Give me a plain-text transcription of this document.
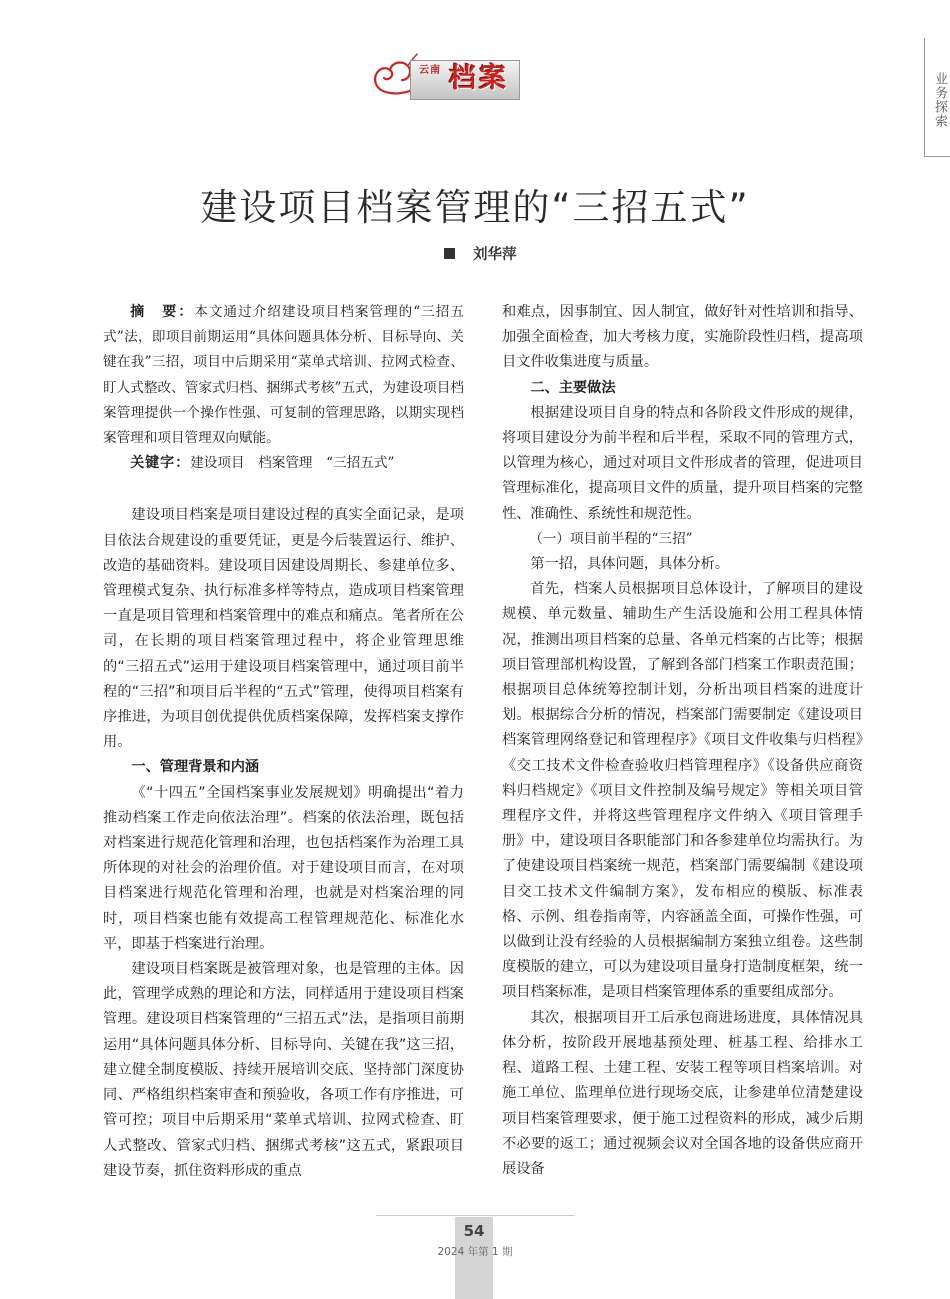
云南 档案	业务探索
建设项目档案管理的“三招五式”
刘华萍

摘　要：本文通过介绍建设项目档案管理的“三招五式”法，即项目前期运用“具体问题具体分析、目标导向、关键在我”三招，项目中后期采用“菜单式培训、拉网式检查、盯人式整改、管家式归档、捆绑式考核”五式，为建设项目档案管理提供一个操作性强、可复制的管理思路，以期实现档案管理和项目管理双向赋能。

关键字：建设项目　档案管理　“三招五式”

建设项目档案是项目建设过程的真实全面记录，是项目依法合规建设的重要凭证，更是今后装置运行、维护、改造的基础资料。建设项目因建设周期长、参建单位多、管理模式复杂、执行标准多样等特点，造成项目档案管理一直是项目管理和档案管理中的难点和痛点。笔者所在公司，在长期的项目档案管理过程中，将企业管理思维的“三招五式”运用于建设项目档案管理中，通过项目前半程的“三招”和项目后半程的“五式”管理，使得项目档案有序推进，为项目创优提供优质档案保障，发挥档案支撑作用。

一、管理背景和内涵

《“十四五”全国档案事业发展规划》明确提出“着力推动档案工作走向依法治理”。档案的依法治理，既包括对档案进行规范化管理和治理，也包括档案作为治理工具所体现的对社会的治理价值。对于建设项目而言，在对项目档案进行规范化管理和治理，也就是对档案治理的同时，项目档案也能有效提高工程管理规范化、标准化水平，即基于档案进行治理。

建设项目档案既是被管理对象，也是管理的主体。因此，管理学成熟的理论和方法，同样适用于建设项目档案管理。建设项目档案管理的“三招五式”法，是指项目前期运用“具体问题具体分析、目标导向、关键在我”这三招，建立健全制度模版、持续开展培训交底、坚持部门深度协同、严格组织档案审查和预验收，各项工作有序推进，可管可控；项目中后期采用“菜单式培训、拉网式检查、盯人式整改、管家式归档、捆绑式考核”这五式，紧跟项目建设节奏，抓住资料形成的重点

和难点，因事制宜、因人制宜，做好针对性培训和指导、加强全面检查，加大考核力度，实施阶段性归档，提高项目文件收集进度与质量。

二、主要做法

根据建设项目自身的特点和各阶段文件形成的规律，将项目建设分为前半程和后半程，采取不同的管理方式，以管理为核心，通过对项目文件形成者的管理，促进项目管理标准化，提高项目文件的质量，提升项目档案的完整性、准确性、系统性和规范性。

（一）项目前半程的“三招”

第一招，具体问题，具体分析。

首先，档案人员根据项目总体设计，了解项目的建设规模、单元数量、辅助生产生活设施和公用工程具体情况，推测出项目档案的总量、各单元档案的占比等；根据项目管理部机构设置，了解到各部门档案工作职责范围；根据项目总体统筹控制计划，分析出项目档案的进度计划。根据综合分析的情况，档案部门需要制定《建设项目档案管理网络登记和管理程序》《项目文件收集与归档程》《交工技术文件检查验收归档管理程序》《设备供应商资料归档规定》《项目文件控制及编号规定》等相关项目管理程序文件，并将这些管理程序文件纳入《项目管理手册》中，建设项目各职能部门和各参建单位均需执行。为了使建设项目档案统一规范，档案部门需要编制《建设项目交工技术文件编制方案》，发布相应的模版、标准表格、示例、组卷指南等，内容涵盖全面，可操作性强，可以做到让没有经验的人员根据编制方案独立组卷。这些制度模版的建立，可以为建设项目量身打造制度框架，统一项目档案标准，是项目档案管理体系的重要组成部分。

其次，根据项目开工后承包商进场进度，具体情况具体分析，按阶段开展地基预处理、桩基工程、给排水工程、道路工程、土建工程、安装工程等项目档案培训。对施工单位、监理单位进行现场交底，让参建单位清楚建设项目档案管理要求，便于施工过程资料的形成，减少后期不必要的返工；通过视频会议对全国各地的设备供应商开展设备

54
2024 年第 1 期
